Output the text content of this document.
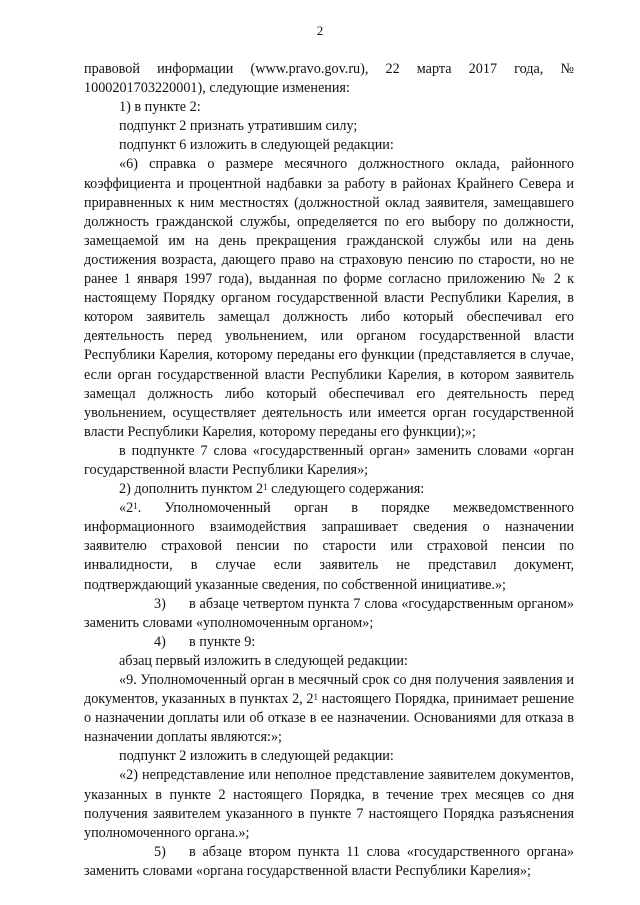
2

правовой информации (www.pravo.gov.ru), 22 марта 2017 года, № 1000201703220001), следующие изменения:

1) в пункте 2:

подпункт 2 признать утратившим силу;

подпункт 6 изложить в следующей редакции:

«6) справка о размере месячного должностного оклада, районного коэффициента и процентной надбавки за работу в районах Крайнего Севера и приравненных к ним местностях (должностной оклад заявителя, замещавшего должность гражданской службы, определяется по его выбору по должности, замещаемой им на день прекращения гражданской службы или на день достижения возраста, дающего право на страховую пенсию по старости, но не ранее 1 января 1997 года), выданная по форме согласно приложению № 2 к настоящему Порядку органом государственной власти Республики Карелия, в котором заявитель замещал должность либо который обеспечивал его деятельность перед увольнением, или органом государственной власти Республики Карелия, которому переданы его функции (представляется в случае, если орган государственной власти Республики Карелия, в котором заявитель замещал должность либо который обеспечивал его деятельность перед увольнением, осуществляет деятельность или имеется орган государственной власти Республики Карелия, которому переданы его функции);»;

в подпункте 7 слова «государственный орган» заменить словами «орган государственной власти Республики Карелия»;

2) дополнить пунктом $2^1$ следующего содержания:

«$2^1$. Уполномоченный орган в порядке межведомственного информационного взаимодействия запрашивает сведения о назначении заявителю страховой пенсии по старости или страховой пенсии по инвалидности, в случае если заявитель не представил документ, подтверждающий указанные сведения, по собственной инициативе.»;

3) в абзаце четвертом пункта 7 слова «государственным органом» заменить словами «уполномоченным органом»;

4) в пункте 9:

абзац первый изложить в следующей редакции:

«9. Уполномоченный орган в месячный срок со дня получения заявления и документов, указанных в пунктах 2, $2^1$ настоящего Порядка, принимает решение о назначении доплаты или об отказе в ее назначении. Основаниями для отказа в назначении доплаты являются:»;

подпункт 2 изложить в следующей редакции:

«2) непредставление или неполное представление заявителем документов, указанных в пункте 2 настоящего Порядка, в течение трех месяцев со дня получения заявителем указанного в пункте 7 настоящего Порядка разъяснения уполномоченного органа.»;

5) в абзаце втором пункта 11 слова «государственного органа» заменить словами «органа государственной власти Республики Карелия»;
